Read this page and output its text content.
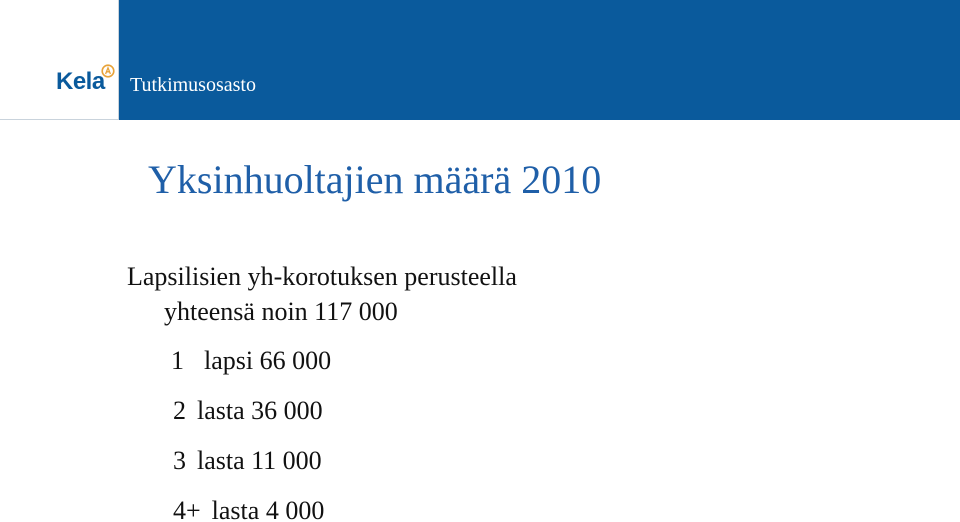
Kela Tutkimusosasto
Yksinhuoltajien määrä 2010
Lapsilisien yh-korotuksen perusteella
yhteensä noin 117 000
1 lapsi 66 000
2 lasta 36 000
3 lasta 11 000
4+ lasta 4 000
